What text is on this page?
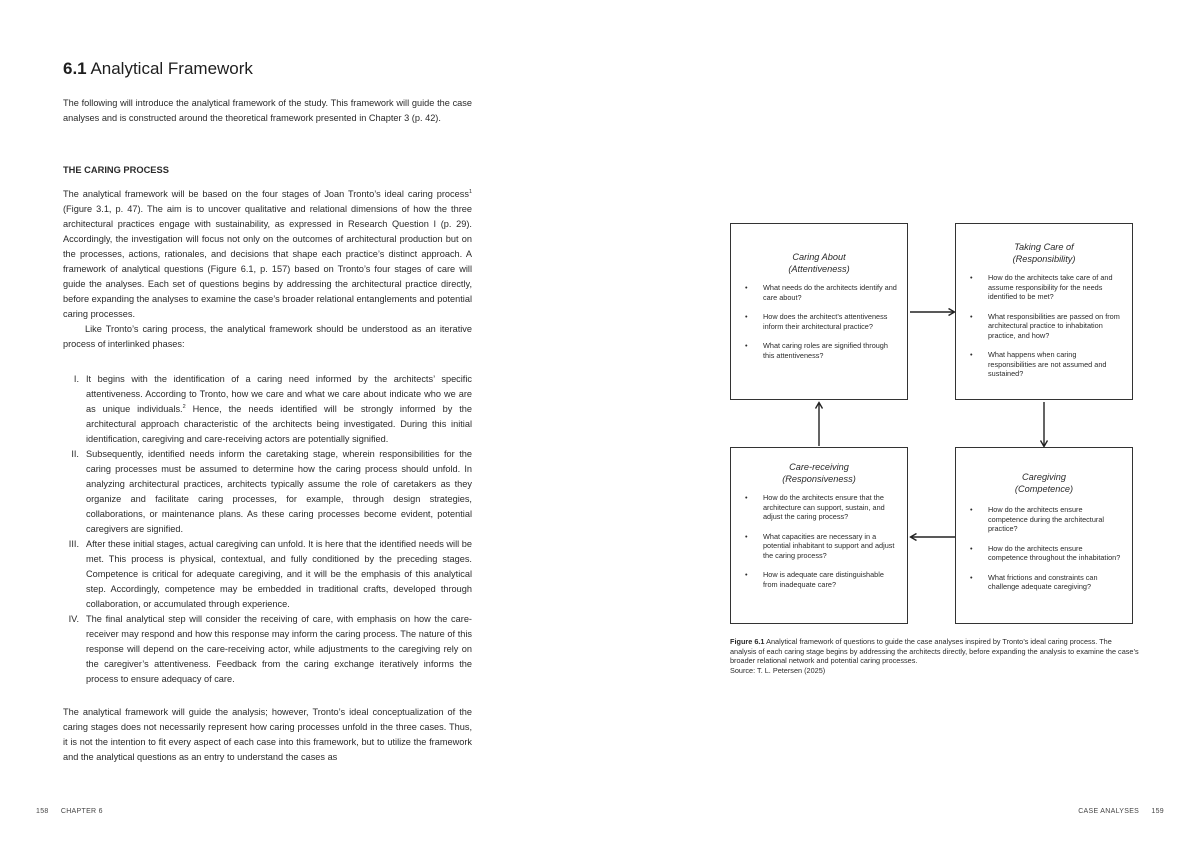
6.1 Analytical Framework

The following will introduce the analytical framework of the study. This framework will guide the case analyses and is constructed around the theoretical framework presented in Chapter 3 (p. 42).

THE CARING PROCESS

The analytical framework will be based on the four stages of Joan Tronto’s ideal caring process$^1$ (Figure 3.1, p. 47). The aim is to uncover qualitative and relational dimensions of how the three architectural practices engage with sustainability, as expressed in Research Question I (p. 29). Accordingly, the investigation will focus not only on the outcomes of architectural production but on the processes, actions, rationales, and decisions that shape each practice’s distinct approach. A framework of analytical questions (Figure 6.1, p. 157) based on Tronto’s four stages of care will guide the analyses. Each set of questions begins by addressing the architectural practice directly, before expanding the analyses to examine the case’s broader relational entanglements and potential caring processes.

Like Tronto’s caring process, the analytical framework should be understood as an iterative process of interlinked phases:

I. It begins with the identification of a caring need informed by the architects’ specific attentiveness. According to Tronto, how we care and what we care about indicate who we are as unique individuals.$^2$ Hence, the needs identified will be strongly informed by the architectural approach characteristic of the architects being investigated. During this initial identification, caregiving and care-receiving actors are potentially signified.
II. Subsequently, identified needs inform the caretaking stage, wherein responsibilities for the caring processes must be assumed to determine how the caring process should unfold. In analyzing architectural practices, architects typically assume the role of caretakers as they organize and facilitate caring processes, for example, through design strategies, collaborations, or maintenance plans. As these caring processes become evident, potential caregivers are signified.
III. After these initial stages, actual caregiving can unfold. It is here that the identified needs will be met. This process is physical, contextual, and fully conditioned by the preceding stages. Competence is critical for adequate caregiving, and it will be the emphasis of this analytical step. Accordingly, competence may be embedded in traditional crafts, developed through collaboration, or accumulated through experience.
IV. The final analytical step will consider the receiving of care, with emphasis on how the care-receiver may respond and how this response may inform the caring process. The nature of this response will depend on the care-receiving actor, while adjustments to the caregiving rely on the caregiver’s attentiveness. Feedback from the caring exchange iteratively informs the process to ensure adequacy of care.

The analytical framework will guide the analysis; however, Tronto’s ideal conceptualization of the caring stages does not necessarily represent how caring processes unfold in the three cases. Thus, it is not the intention to fit every aspect of each case into this framework, but to utilize the framework and the analytical questions as an entry to understand the cases as

158 CHAPTER 6

Caring About

(Attentiveness)

• What needs do the architects identify and care about?
• How does the architect’s attentiveness inform their architectural practice?
• What caring roles are signified through this attentiveness?

Taking Care of

(Responsibility)

• How do the architects take care of and assume responsibility for the needs identified to be met?
• What responsibilities are passed on from architectural practice to inhabitation practice, and how?
• What happens when caring responsibilities are not assumed and sustained?

Care-receiving

(Responsiveness)

• How do the architects ensure that the architecture can support, sustain, and adjust the caring process?
• What capacities are necessary in a potential inhabitant to support and adjust the caring process?
• How is adequate care distinguishable from inadequate care?

Caregiving

(Competence)

• How do the architects ensure competence during the architectural practice?
• How do the architects ensure competence throughout the inhabitation?
• What frictions and constraints can challenge adequate caregiving?

Figure 6.1 Analytical framework of questions to guide the case analyses inspired by Tronto’s ideal caring process. The analysis of each caring stage begins by addressing the architects directly, before expanding the analysis to examine the case’s broader relational network and potential caring processes.
Source: T. L. Petersen (2025)

CASE ANALYSES 159
